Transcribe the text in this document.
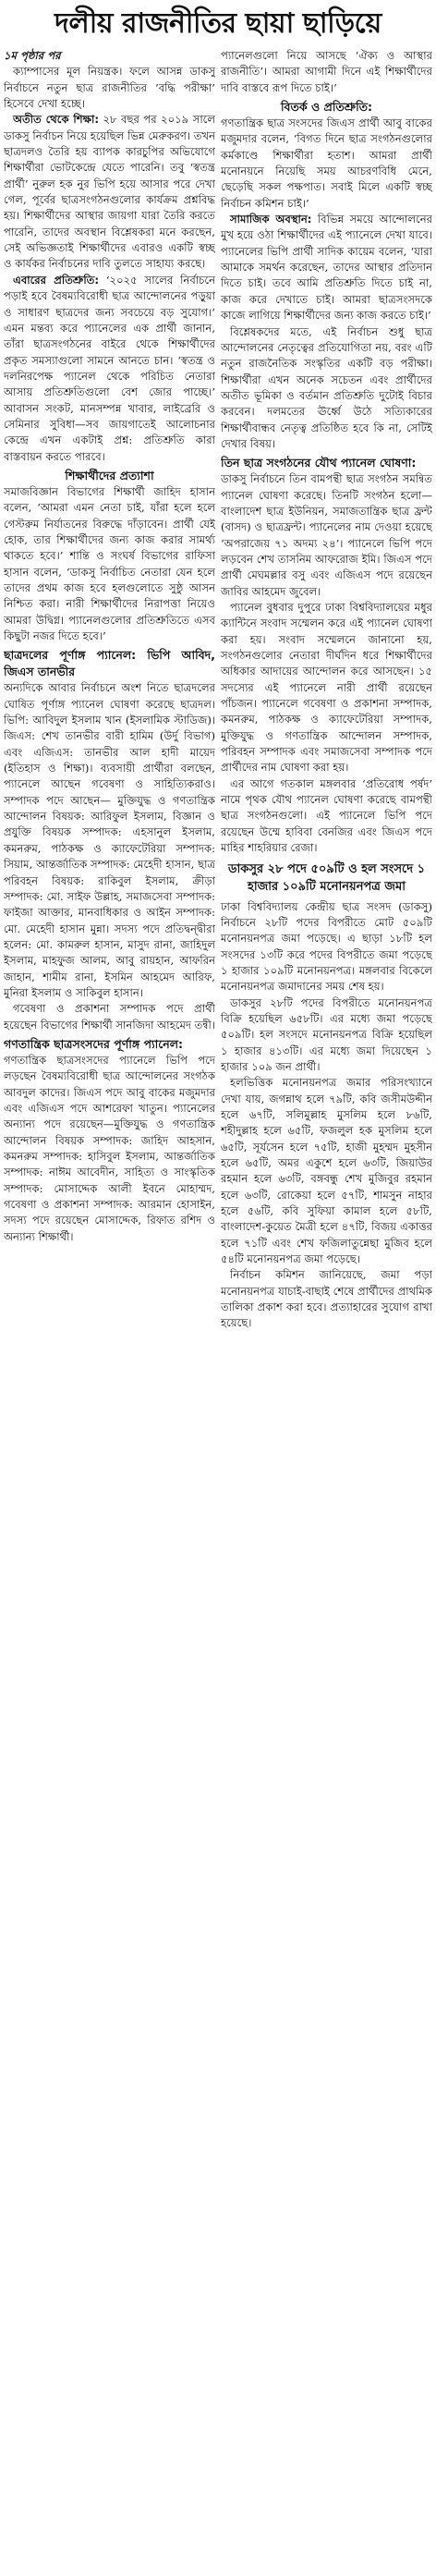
দলীয় রাজনীতির ছায়া ছাড়িয়ে

১ম পৃষ্ঠার পর

ক্যাম্পাসের মূল নিয়ন্ত্রক। ফলে আসন্ন ডাকসু নির্বাচনে নতুন ছাত্র রাজনীতির ‘বদ্ধি পরীক্ষা’ হিসেবে দেখা হচ্ছে।

অতীত থেকে শিক্ষা: ২৮ বছর পর ২০১৯ সালে ডাকসু নির্বাচন নিয়ে হয়েছিল ভিন্ন মেরুকরণ। তখন ছাত্রদলও তৈরি হয় ব্যাপক কারচুপির অভিযোগে শিক্ষার্থীরা ভোটকেন্দ্রে যেতে পারেনি। তবু ‘স্বতন্ত্র প্রার্থী’ নুরুল হক নুর ভিপি হয়ে আসার পরে দেখা গেল, পূর্বের ছাত্রসংগঠনগুলোর কার্যক্রম প্রশ্নবিদ্ধ হয়। শিক্ষার্থীদের আস্থার জায়গা যারা তৈরি করতে পারেনি, তাদের অবস্থান বিশ্লেষকরা মনে করছেন, সেই অভিজ্ঞতাই শিক্ষার্থীদের এবারও একটি স্বচ্ছ ও কার্যকর নির্বাচনের দাবি তুলতে সাহায্য করছে।

এবারের প্রতিশ্রুতি: ‘২০২৫ সালের নির্বাচনে পড়াই হবে বৈষম্যবিরোধী ছাত্র আন্দোলনের পড়ুয়া ও সাধারণ ছাত্রদের জন্য সবচেয়ে বড় সুযোগ।’ এমন মন্তব্য করে প্যানেলের এক প্রার্থী জানান, তাঁরা ছাত্রসংগঠনের বাইরে থেকে শিক্ষার্থীদের প্রকৃত সমস্যাগুলো সামনে আনতে চান। ‘স্বতন্ত্র ও দলনিরপেক্ষ প্যানেল থেকে পরিচিত নেতারা আসায় প্রতিশ্রুতিগুলো বেশ জোর পাচ্ছে।’ আবাসন সংকট, মানসম্পন্ন খাবার, লাইব্রেরি ও সেমিনার সুবিধা—সব জায়গাতেই আলোচনার কেন্দ্রে এখন একটাই প্রশ্ন: প্রতিশ্রুতি কারা বাস্তবায়ন করতে পারবে।

শিক্ষার্থীদের প্রত্যাশা

সমাজবিজ্ঞান বিভাগের শিক্ষার্থী জাহিদ হাসান বলেন, ‘আমরা এমন নেতা চাই, যাঁরা হলে হলে গেস্টরুম নির্যাতনের বিরুদ্ধে দাঁড়াবেন। প্রার্থী যেই হোক, তার শিক্ষার্থীদের জন্য কাজ করার সামর্থ্য থাকতে হবে।’ শান্তি ও সংঘর্ষ বিভাগের রাফিসা হাসান বলেন, ‘ডাকসু নির্বাচিত নেতারা যেন হলে তাদের প্রথম কাজ হবে হলগুলোতে সুষ্ঠু আসন নিশ্চিত করা। নারী শিক্ষার্থীদের নিরাপত্তা নিয়েও আমরা উদ্বিগ্ন। প্যানেলগুলোর প্রতিশ্রুতিতে এসব কিছুটা নজর দিতে হবে।’

ছাত্রদলের পূর্ণাঙ্গ প্যানেল: ভিপি আবিদ, জিএস তানভীর

অন্যদিকে আবার নির্বাচনে অংশ নিতে ছাত্রদলের ঘোষিত পূর্ণাঙ্গ প্যানেল ঘোষণা করেছে ছাত্রদল। ভিপি: আবিদুল ইসলাম খান (ইসলামিক স্টাডিজ)। জিএস: শেখ তানভীর বারী হামিম (উর্দু বিভাগ) এবং এজিএস: তানভীর আল হাদী মায়েদ (ইতিহাস ও শিক্ষা)। ব্যবসায়ী প্রার্থীরা বলছেন, প্যানেলে আছেন গবেষণা ও সাহিত্যিকরাও। সম্পাদক পদে আছেন— মুক্তিযুদ্ধ ও গণতান্ত্রিক আন্দোলন বিষয়ক: আরিফুল ইসলাম, বিজ্ঞান ও প্রযুক্তি বিষয়ক সম্পাদক: এহসানুল ইসলাম, কমনরুম, পাঠকক্ষ ও ক্যাফেটেরিয়া সম্পাদক: সিয়াম, আন্তর্জাতিক সম্পাদক: মেহেদী হাসান, ছাত্র পরিবহন বিষয়ক: রাকিবুল ইসলাম, ক্রীড়া সম্পাদক: মো. সাইফ উল্লাহ, সমাজসেবা সম্পাদক: ফাইজা আক্তার, মানবাধিকার ও আইন সম্পাদক: মো. মেহেদী হাসান মুন্না। সদস্য পদে প্রতিদ্বন্দ্বীরা হলেন: মো. কামরুল হাসান, মাসুদ রানা, জাহিদুল ইসলাম, মাহফুজ আলম, আবু রায়হান, আফরিন জাহান, শামীম রানা, ইসমিন আহমেদ আরিফ, মুনিরা ইসলাম ও সাকিবুল হাসান।

গবেষণা ও প্রকাশনা সম্পাদক পদে প্রার্থী হয়েছেন বিভাগের শিক্ষার্থী সানজিদা আহমেদ তন্বী।

গণতান্ত্রিক ছাত্রসংসদের পূর্ণাঙ্গ প্যানেল:

গণতান্ত্রিক ছাত্রসংসদের প্যানেলে ভিপি পদে লড়ছেন বৈষম্যবিরোধী ছাত্র আন্দোলনের সংগঠক আবদুল কাদের। জিএস পদে আবু বাকের মজুমদার এবং এজিএস পদে আশরেফা খাতুন। প্যানেলের অন্যান্য পদে রয়েছেন—মুক্তিযুদ্ধ ও গণতান্ত্রিক আন্দোলন বিষয়ক সম্পাদক: জাহিদ আহসান, কমনরুম সম্পাদক: হাসিবুল ইসলাম, আন্তর্জাতিক সম্পাদক: নাঈম আবেদীন, সাহিত্য ও সাংস্কৃতিক সম্পাদক: মোসাদ্দেক আলী ইবনে মোহাম্মদ, গবেষণা ও প্রকাশনা সম্পাদক: আরমান হোসাইন, সদস্য পদে রয়েছেন মোসাদ্দেক, রিফাত রশিদ ও অন্যান্য শিক্ষার্থী।

প্যানেলগুলো নিয়ে আসছে ‘ঐক্য ও আস্থার রাজনীতি’। আমরা আগামী দিনে এই শিক্ষার্থীদের দাবি বাস্তবে রূপ দিতে চাই।’

বিতর্ক ও প্রতিশ্রুতি:

গণতান্ত্রিক ছাত্র সংসদের জিএস প্রার্থী আবু বাকের মজুমদার বলেন, ‘বিগত দিনে ছাত্র সংগঠনগুলোর কর্মকাণ্ডে শিক্ষার্থীরা হতাশ। আমরা প্রার্থী মনোনয়নে নিয়েছি সময় আচরণবিধি মেনে, ছেড়েছি সকল পক্ষপাত। সবাই মিলে একটি স্বচ্ছ নির্বাচন কমিশন চাই।’

সামাজিক অবস্থান: বিভিন্ন সময়ে আন্দোলনের মুখ হয়ে ওঠা শিক্ষার্থীদের এই প্যানেলে দেখা যাবে। প্যানেলের ভিপি প্রার্থী সাদিক কায়েম বলেন, ‘যারা আমাকে সমর্থন করেছেন, তাদের আস্থার প্রতিদান দিতে চাই। তবে আমি প্রতিশ্রুতি দিতে চাই না, কাজ করে দেখাতে চাই। আমরা ছাত্রসংসদকে কাজে লাগিয়ে শিক্ষার্থীদের জন্য কাজ করতে চাই।’

বিশ্লেষকদের মতে, এই নির্বাচন শুধু ছাত্র আন্দোলনের নেতৃত্বের প্রতিযোগিতা নয়, বরং এটি নতুন রাজনৈতিক সংস্কৃতির একটি বড় পরীক্ষা। শিক্ষার্থীরা এখন অনেক সচেতন এবং প্রার্থীদের অতীত ভূমিকা ও বর্তমান প্রতিশ্রুতি দুটোই বিচার করবেন। দলমতের ঊর্ধ্বে উঠে সত্যিকারের শিক্ষার্থীবান্ধব নেতৃত্ব প্রতিষ্ঠিত হবে কি না, সেটিই দেখার বিষয়।

তিন ছাত্র সংগঠনের যৌথ প্যানেল ঘোষণা:

ডাকসু নির্বাচনে তিন বামপন্থী ছাত্র সংগঠন সমন্বিত প্যানেল ঘোষণা করেছে। তিনটি সংগঠন হলো—বাংলাদেশ ছাত্র ইউনিয়ন, সমাজতান্ত্রিক ছাত্র ফ্রন্ট (বাসদ) ও ছাত্রফ্রন্ট। প্যানেলের নাম দেওয়া হয়েছে ‘অপরাজেয় ৭১ অদম্য ২৪’। প্যানেলে ভিপি পদে লড়বেন শেখ তাসনিম আফরোজ ইমি। জিএস পদে প্রার্থী মেঘমল্লার বসু এবং এজিএস পদে রয়েছেন জাবির আহমেদ জুবেল।

প্যানেল বুধবার দুপুরে ঢাকা বিশ্ববিদ্যালয়ের মধুর ক্যান্টিনে সংবাদ সম্মেলন করে এই প্যানেল ঘোষণা করা হয়। সংবাদ সম্মেলনে জানানো হয়, সংগঠনগুলোর নেতারা দীর্ঘদিন ধরে শিক্ষার্থীদের অধিকার আদায়ের আন্দোলন করে আসছেন। ১৫ সদস্যের এই প্যানেলে নারী প্রার্থী রয়েছেন পাঁচজন। প্যানেলে গবেষণা ও প্রকাশনা সম্পাদক, কমনরুম, পাঠকক্ষ ও ক্যাফেটেরিয়া সম্পাদক, মুক্তিযুদ্ধ ও গণতান্ত্রিক আন্দোলন সম্পাদক, পরিবহন সম্পাদক এবং সমাজসেবা সম্পাদক পদে প্রার্থীদের নাম ঘোষণা করা হয়।

এর আগে গতকাল মঙ্গলবার ‘প্রতিরোধ পর্ষদ’ নামে পৃথক যৌথ প্যানেল ঘোষণা করেছে বামপন্থী ছাত্র সংগঠনগুলো। এই প্যানেলে ভিপি পদে রয়েছেন উম্মে হাবিবা বেনজির এবং জিএস পদে মাহির শাহরিয়ার রেজা।

ডাকসুর ২৮ পদে ৫০৯টি ও হল সংসদে ১ হাজার ১০৯টি মনোনয়নপত্র জমা

ঢাকা বিশ্ববিদ্যালয় কেন্দ্রীয় ছাত্র সংসদ (ডাকসু) নির্বাচনে ২৮টি পদের বিপরীতে মোট ৫০৯টি মনোনয়নপত্র জমা পড়েছে। এ ছাড়া ১৮টি হল সংসদের ১৩টি করে পদের বিপরীতে জমা পড়েছে ১ হাজার ১০৯টি মনোনয়নপত্র। মঙ্গলবার বিকেলে মনোনয়নপত্র জমাদানের সময় শেষ হয়।

ডাকসুর ২৮টি পদের বিপরীতে মনোনয়নপত্র বিক্রি হয়েছিল ৬৫৮টি। এর মধ্যে জমা পড়েছে ৫০৯টি। হল সংসদে মনোনয়নপত্র বিক্রি হয়েছিল ১ হাজার ৪১৩টি। এর মধ্যে জমা দিয়েছেন ১ হাজার ১০৯ জন প্রার্থী।

হলভিত্তিক মনোনয়নপত্র জমার পরিসংখ্যানে দেখা যায়, জগন্নাথ হলে ৭৯টি, কবি জসীমউদ্দীন হলে ৬৭টি, সলিমুল্লাহ মুসলিম হলে ৮৬টি, শহীদুল্লাহ হলে ৬৫টি, ফজলুল হক মুসলিম হলে ৬৫টি, সূর্যসেন হলে ৭৫টি, হাজী মুহম্মদ মুহসীন হলে ৬৫টি, অমর একুশে হলে ৬৩টি, জিয়াউর রহমান হলে ৬৩টি, বঙ্গবন্ধু শেখ মুজিবুর রহমান হলে ৬৩টি, রোকেয়া হলে ৫৭টি, শামসুন নাহার হলে ৫৬টি, কবি সুফিয়া কামাল হলে ৫৮টি, বাংলাদেশ-কুয়েত মৈত্রী হলে ৪৭টি, বিজয় একাত্তর হলে ৭১টি এবং শেখ ফজিলাতুন্নেছা মুজিব হলে ৫৪টি মনোনয়নপত্র জমা পড়েছে।

নির্বাচন কমিশন জানিয়েছে, জমা পড়া মনোনয়নপত্র যাচাই-বাছাই শেষে প্রার্থীদের প্রাথমিক তালিকা প্রকাশ করা হবে। প্রত্যাহারের সুযোগ রাখা হয়েছে।
